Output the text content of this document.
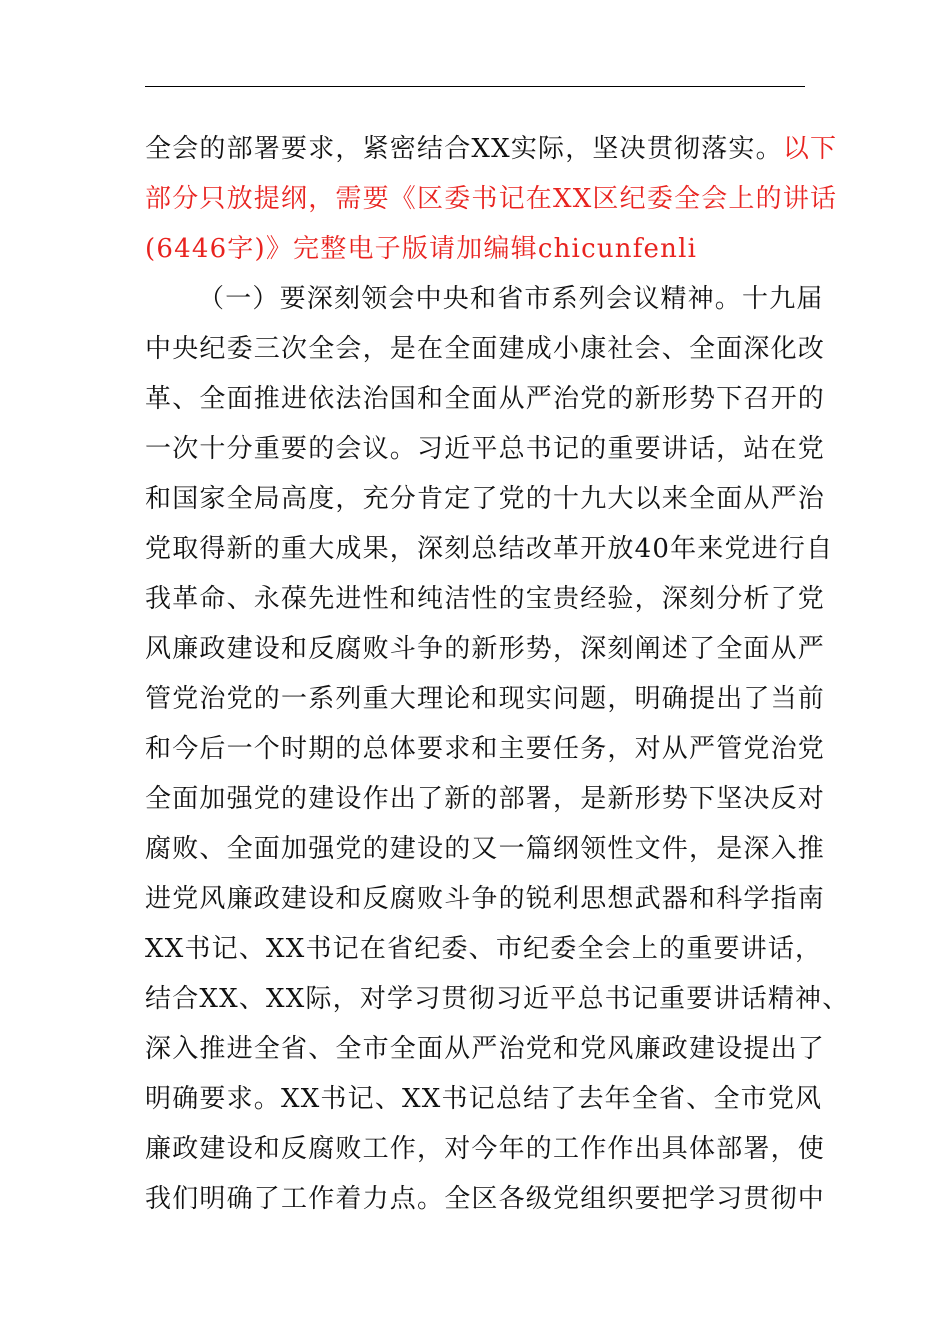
全会的部署要求，紧密结合XX实际，坚决贯彻落实。以下
部分只放提纲，需要《区委书记在XX区纪委全会上的讲话
(6446字)》完整电子版请加编辑chicunfenli
（一）要深刻领会中央和省市系列会议精神。十九届
中央纪委三次全会，是在全面建成小康社会、全面深化改
革、全面推进依法治国和全面从严治党的新形势下召开的
一次十分重要的会议。习近平总书记的重要讲话，站在党
和国家全局高度，充分肯定了党的十九大以来全面从严治
党取得新的重大成果，深刻总结改革开放40年来党进行自
我革命、永葆先进性和纯洁性的宝贵经验，深刻分析了党
风廉政建设和反腐败斗争的新形势，深刻阐述了全面从严
管党治党的一系列重大理论和现实问题，明确提出了当前
和今后一个时期的总体要求和主要任务，对从严管党治党
全面加强党的建设作出了新的部署，是新形势下坚决反对
腐败、全面加强党的建设的又一篇纲领性文件，是深入推
进党风廉政建设和反腐败斗争的锐利思想武器和科学指南
XX书记、XX书记在省纪委、市纪委全会上的重要讲话，
结合XX、XX际，对学习贯彻习近平总书记重要讲话精神、
深入推进全省、全市全面从严治党和党风廉政建设提出了
明确要求。XX书记、XX书记总结了去年全省、全市党风
廉政建设和反腐败工作，对今年的工作作出具体部署，使
我们明确了工作着力点。全区各级党组织要把学习贯彻中
